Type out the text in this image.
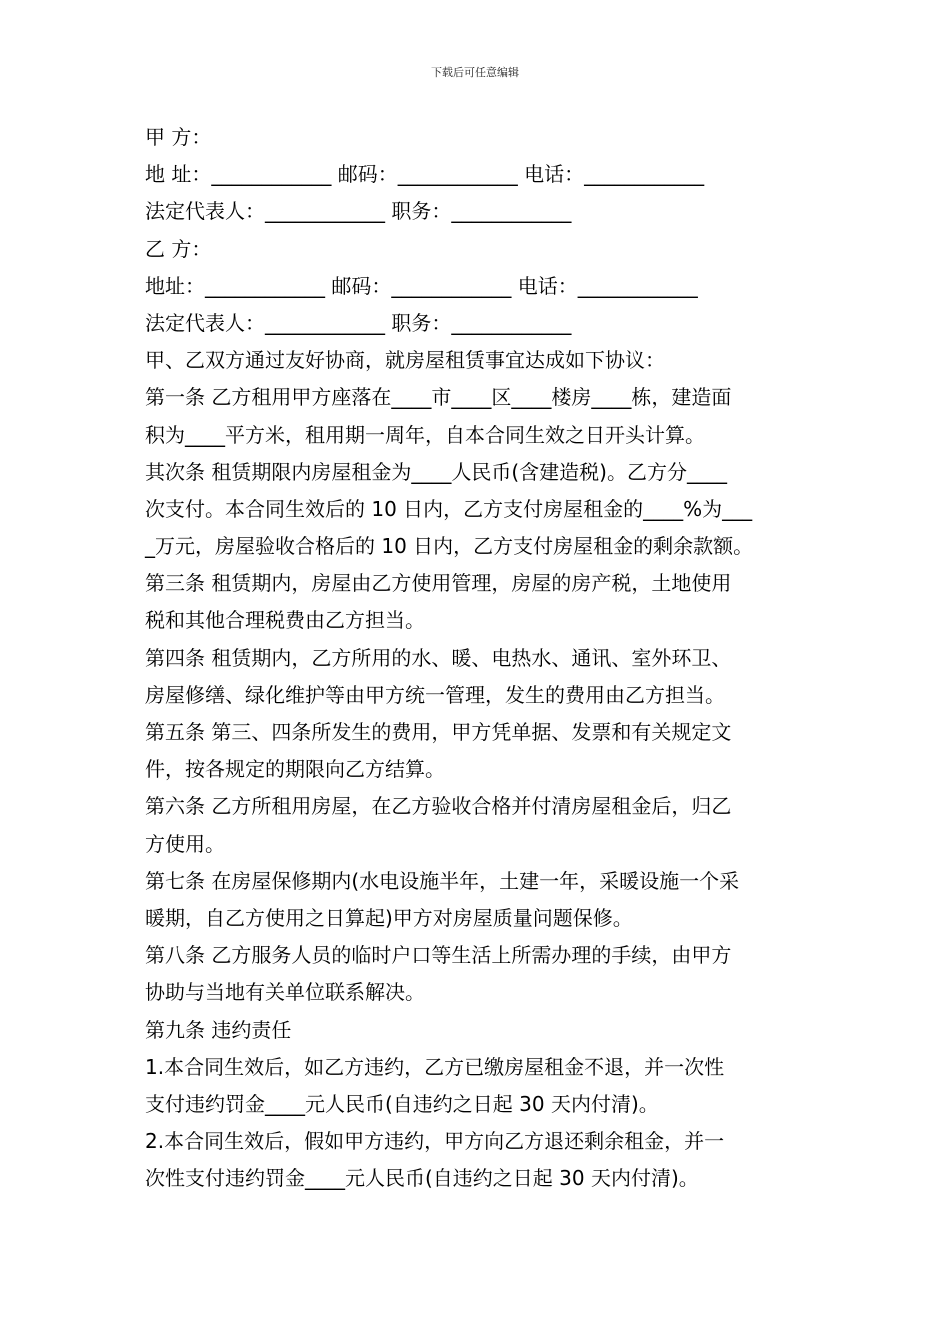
下载后可任意编辑
甲 方：
地 址：____________ 邮码：____________ 电话：____________
法定代表人：____________ 职务：____________
乙 方：
地址：____________ 邮码：____________ 电话：____________
法定代表人：____________ 职务：____________
甲、乙双方通过友好协商，就房屋租赁事宜达成如下协议：
第一条 乙方租用甲方座落在____市____区____楼房____栋，建造面
积为____平方米，租用期一周年，自本合同生效之日开头计算。
其次条 租赁期限内房屋租金为____人民币(含建造税)。乙方分____
次支付。本合同生效后的 10 日内，乙方支付房屋租金的____%为___
_万元，房屋验收合格后的 10 日内，乙方支付房屋租金的剩余款额。
第三条 租赁期内，房屋由乙方使用管理，房屋的房产税，土地使用
税和其他合理税费由乙方担当。
第四条 租赁期内，乙方所用的水、暖、电热水、通讯、室外环卫、
房屋修缮、绿化维护等由甲方统一管理，发生的费用由乙方担当。
第五条 第三、四条所发生的费用，甲方凭单据、发票和有关规定文
件，按各规定的期限向乙方结算。
第六条 乙方所租用房屋，在乙方验收合格并付清房屋租金后，归乙
方使用。
第七条 在房屋保修期内(水电设施半年，土建一年，采暖设施一个采
暖期，自乙方使用之日算起)甲方对房屋质量问题保修。
第八条 乙方服务人员的临时户口等生活上所需办理的手续，由甲方
协助与当地有关单位联系解决。
第九条 违约责任
1.本合同生效后，如乙方违约，乙方已缴房屋租金不退，并一次性
支付违约罚金____元人民币(自违约之日起 30 天内付清)。
2.本合同生效后，假如甲方违约，甲方向乙方退还剩余租金，并一
次性支付违约罚金____元人民币(自违约之日起 30 天内付清)。
